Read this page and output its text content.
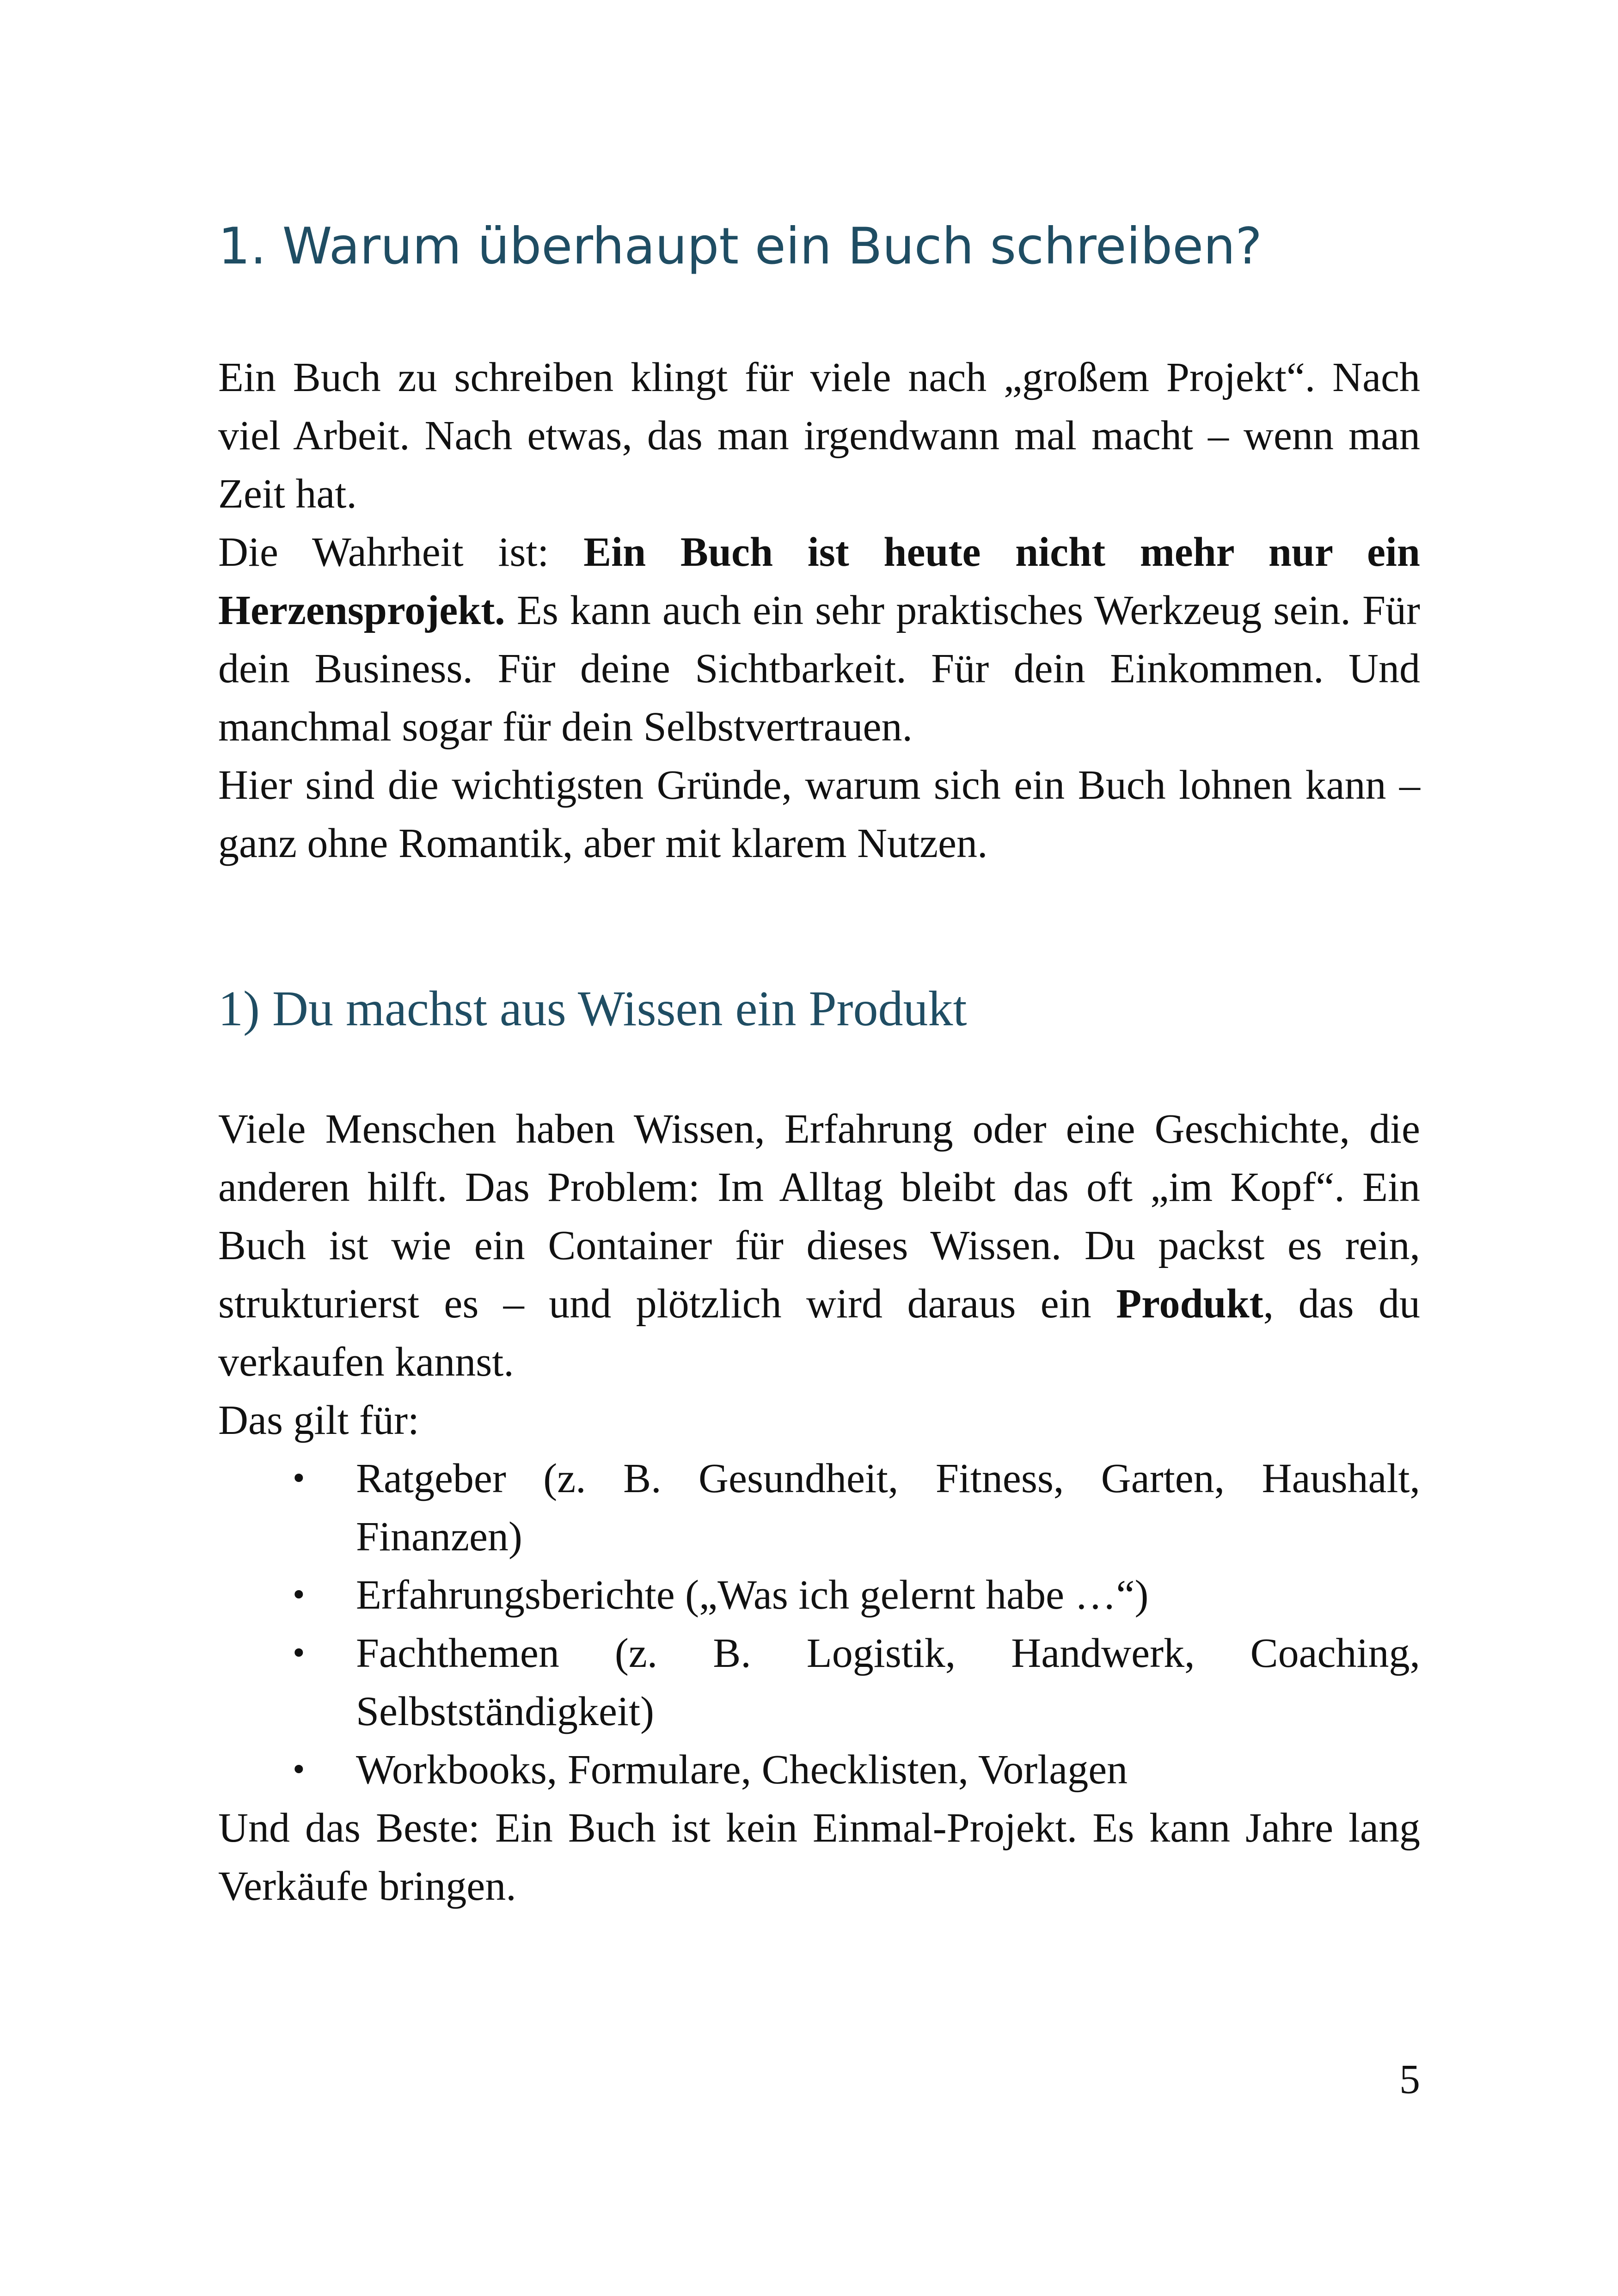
1. Warum überhaupt ein Buch schreiben?

Ein Buch zu schreiben klingt für viele nach „großem Projekt“. Nach viel Arbeit. Nach etwas, das man irgendwann mal macht – wenn man Zeit hat.

Die Wahrheit ist: Ein Buch ist heute nicht mehr nur ein Herzensprojekt. Es kann auch ein sehr praktisches Werkzeug sein. Für dein Business. Für deine Sichtbarkeit. Für dein Einkommen. Und manchmal sogar für dein Selbstvertrauen.

Hier sind die wichtigsten Gründe, warum sich ein Buch lohnen kann – ganz ohne Romantik, aber mit klarem Nutzen.

1) Du machst aus Wissen ein Produkt

Viele Menschen haben Wissen, Erfahrung oder eine Geschichte, die anderen hilft. Das Problem: Im Alltag bleibt das oft „im Kopf“. Ein Buch ist wie ein Container für dieses Wissen. Du packst es rein, strukturierst es – und plötzlich wird daraus ein Produkt, das du verkaufen kannst.

Das gilt für:

• Ratgeber (z. B. Gesundheit, Fitness, Garten, Haushalt, Finanzen)
• Erfahrungsberichte („Was ich gelernt habe …“)
• Fachthemen (z. B. Logistik, Handwerk, Coaching, Selbstständigkeit)
• Workbooks, Formulare, Checklisten, Vorlagen

Und das Beste: Ein Buch ist kein Einmal-Projekt. Es kann Jahre lang Verkäufe bringen.

5
